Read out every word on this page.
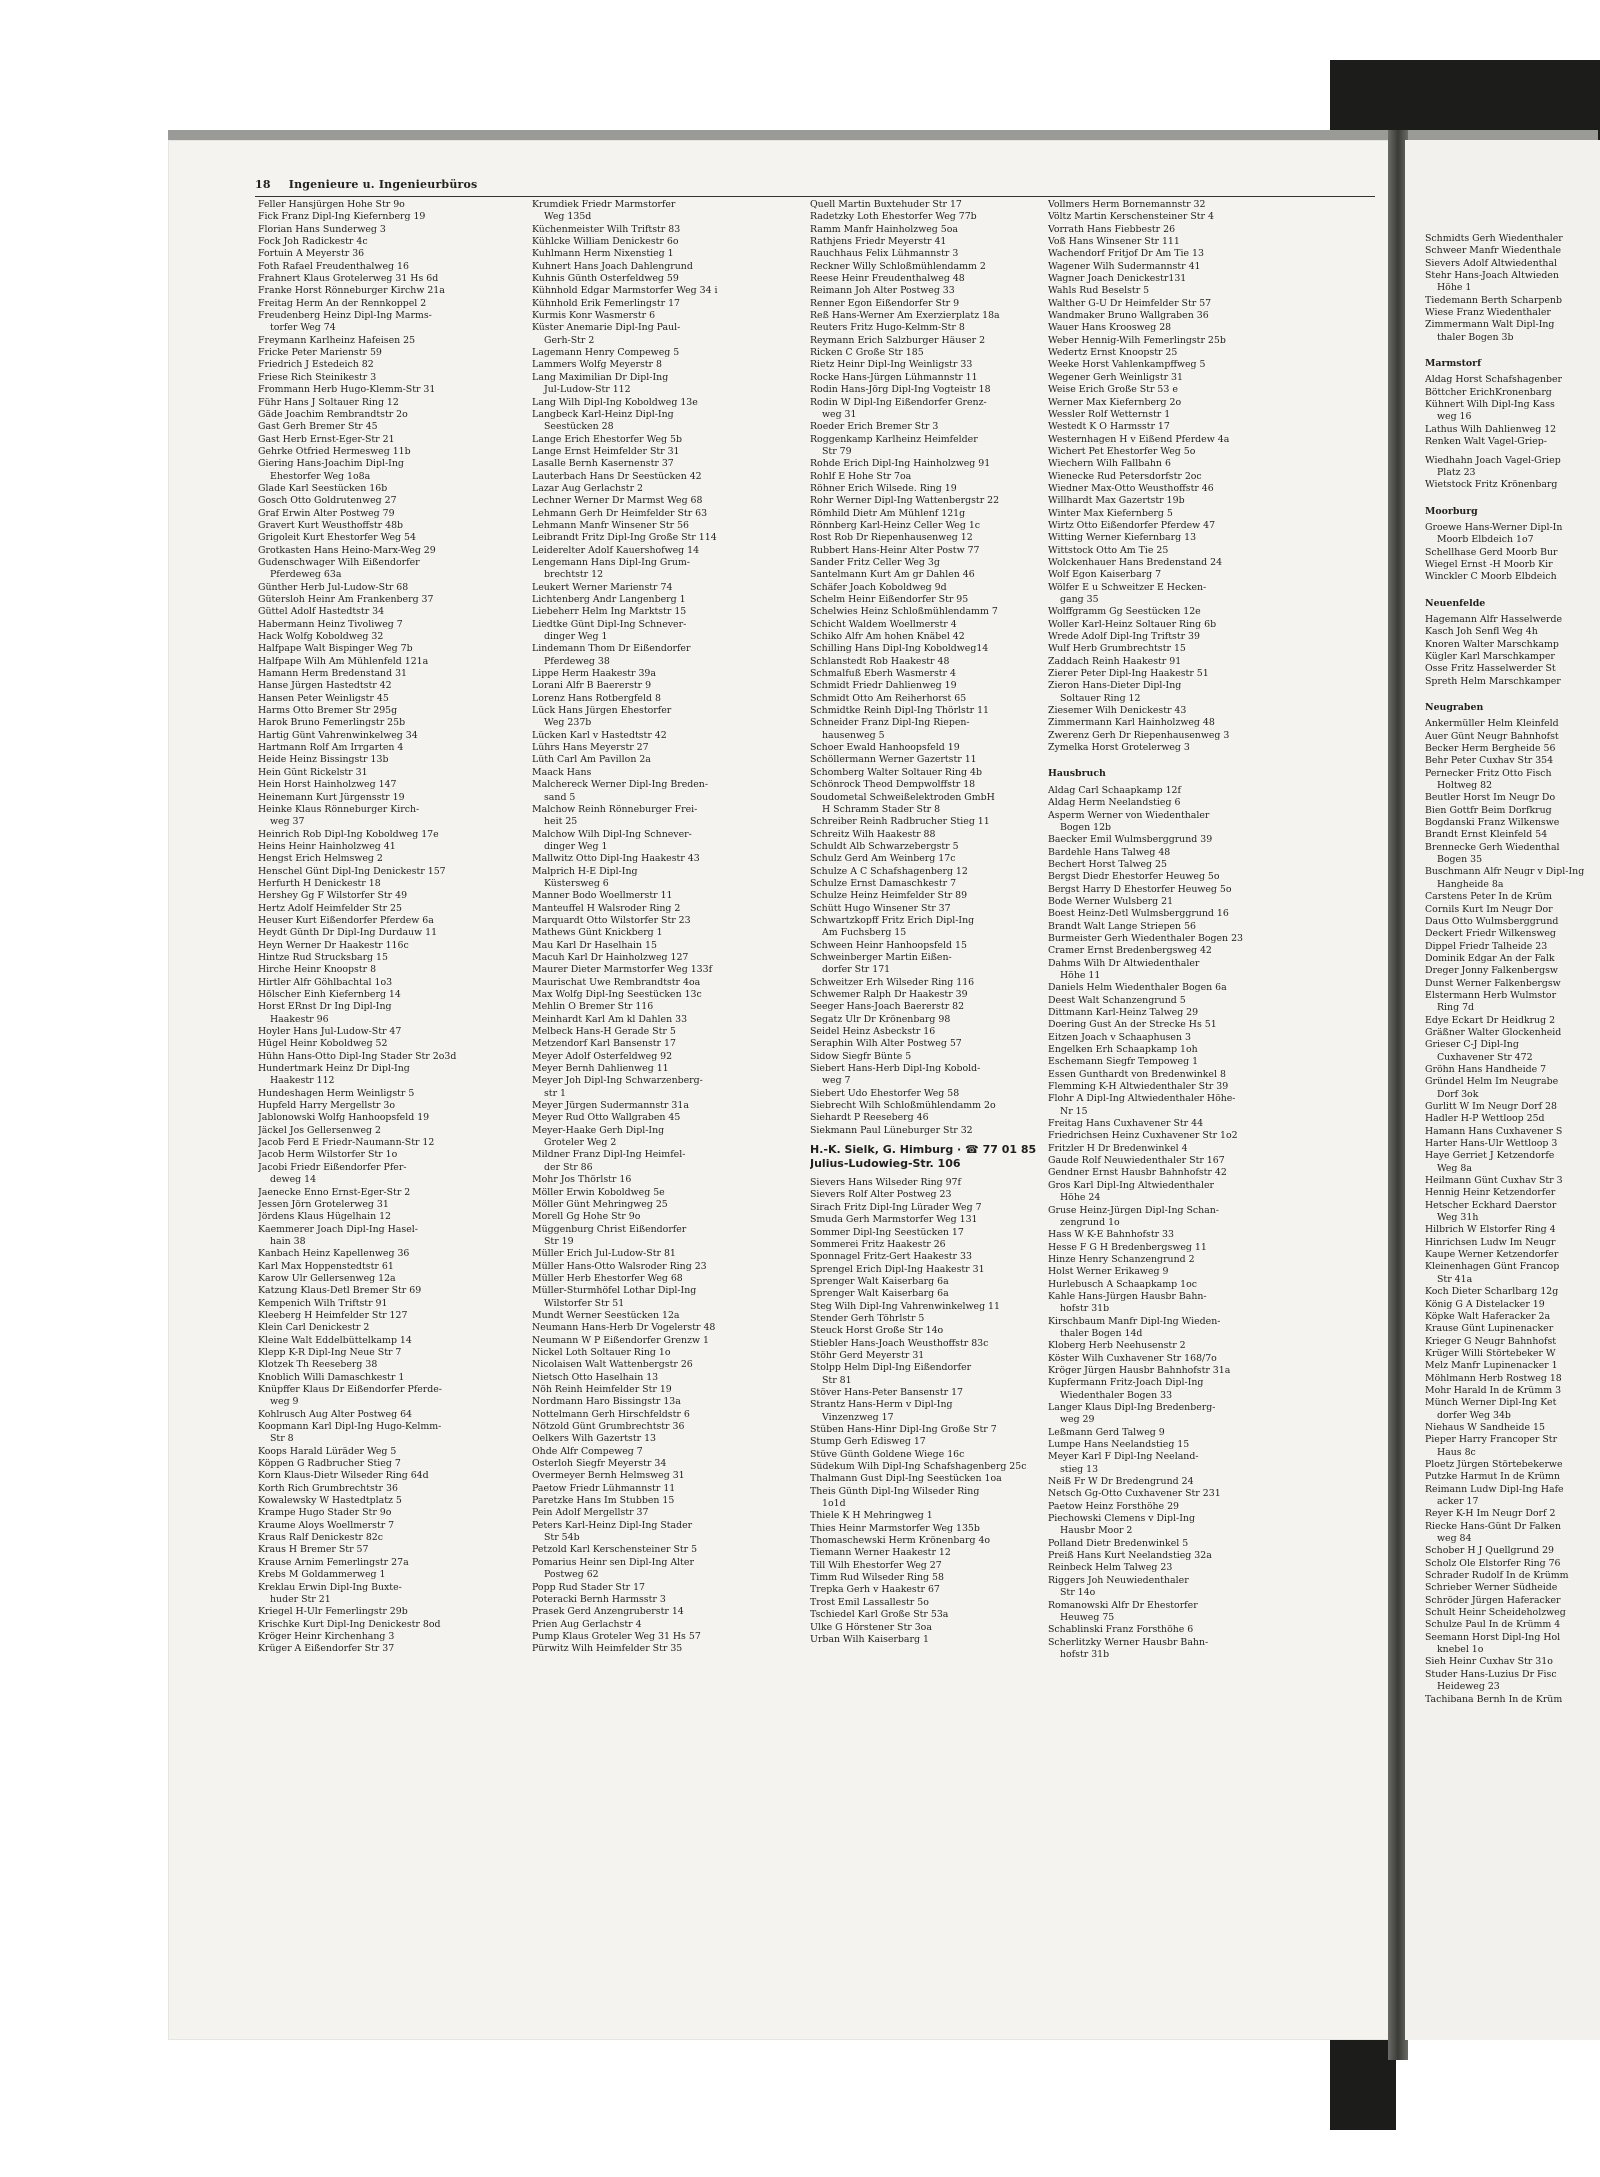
18 Ingenieure u. Ingenieurbüros
Feller Hansjürgen Hohe Str 9o
Fick Franz Dipl-Ing Kiefernberg 19
Florian Hans Sunderweg 3
Fock Joh Radickestr 4c
Fortuin A Meyerstr 36
Foth Rafael Freudenthalweg 16
Frahnert Klaus Grotelerweg 31 Hs 6d
Franke Horst Rönneburger Kirchw 21a
Freitag Herm An der Rennkoppel 2
Freudenberg Heinz Dipl-Ing Marms-
torfer Weg 74
Freymann Karlheinz Hafeisen 25
Fricke Peter Marienstr 59
Friedrich J Estedeich 82
Friese Rich Steinikestr 3
Frommann Herb Hugo-Klemm-Str 31
Führ Hans J Soltauer Ring 12
Gäde Joachim Rembrandtstr 2o
Gast Gerh Bremer Str 45
Gast Herb Ernst-Eger-Str 21
Gehrke Otfried Hermesweg 11b
Giering Hans-Joachim Dipl-Ing
Ehestorfer Weg 1o8a
Glade Karl Seestücken 16b
Gosch Otto Goldrutenweg 27
Graf Erwin Alter Postweg 79
Gravert Kurt Weusthoffstr 48b
Grigoleit Kurt Ehestorfer Weg 54
Grotkasten Hans Heino-Marx-Weg 29
Gudenschwager Wilh Eißendorfer
Pferdeweg 63a
Günther Herb Jul-Ludow-Str 68
Gütersloh Heinr Am Frankenberg 37
Güttel Adolf Hastedtstr 34
Habermann Heinz Tivoliweg 7
Hack Wolfg Koboldweg 32
Halfpape Walt Bispinger Weg 7b
Halfpape Wilh Am Mühlenfeld 121a
Hamann Herm Bredenstand 31
Hanse Jürgen Hastedtstr 42
Hansen Peter Weinligstr 45
Harms Otto Bremer Str 295g
Harok Bruno Femerlingstr 25b
Hartig Günt Vahrenwinkelweg 34
Hartmann Rolf Am Irrgarten 4
Heide Heinz Bissingstr 13b
Hein Günt Rickelstr 31
Hein Horst Hainholzweg 147
Heinemann Kurt Jürgensstr 19
Heinke Klaus Rönneburger Kirch-
weg 37
Heinrich Rob Dipl-Ing Koboldweg 17e
Heins Heinr Hainholzweg 41
Hengst Erich Helmsweg 2
Henschel Günt Dipl-Ing Denickestr 157
Herfurth H Denickestr 18
Hershey Gg F Wilstorfer Str 49
Hertz Adolf Heimfelder Str 25
Heuser Kurt Eißendorfer Pferdew 6a
Heydt Günth Dr Dipl-Ing Durdauw 11
Heyn Werner Dr Haakestr 116c
Hintze Rud Strucksbarg 15
Hirche Heinr Knoopstr 8
Hirtler Alfr Göhlbachtal 1o3
Hölscher Einh Kiefernberg 14
Horst ERnst Dr Ing Dipl-Ing
Haakestr 96
Hoyler Hans Jul-Ludow-Str 47
Hügel Heinr Koboldweg 52
Hühn Hans-Otto Dipl-Ing Stader Str 2o3d
Hundertmark Heinz Dr Dipl-Ing
Haakestr 112
Hundeshagen Herm Weinligstr 5
Hupfeld Harry Mergellstr 3o
Jablonowski Wolfg Hanhoopsfeld 19
Jäckel Jos Gellersenweg 2
Jacob Ferd E Friedr-Naumann-Str 12
Jacob Herm Wilstorfer Str 1o
Jacobi Friedr Eißendorfer Pfer-
deweg 14
Jaenecke Enno Ernst-Eger-Str 2
Jessen Jörn Grotelerweg 31
Jördens Klaus Hügelhain 12
Kaemmerer Joach Dipl-Ing Hasel-
hain 38
Kanbach Heinz Kapellenweg 36
Karl Max Hoppenstedtstr 61
Karow Ulr Gellersenweg 12a
Katzung Klaus-Detl Bremer Str 69
Kempenich Wilh Triftstr 91
Kleeberg H Heimfelder Str 127
Klein Carl Denickestr 2
Kleine Walt Eddelbüttelkamp 14
Klepp K-R Dipl-Ing Neue Str 7
Klotzek Th Reeseberg 38
Knoblich Willi Damaschkestr 1
Knüpffer Klaus Dr Eißendorfer Pferde-
weg 9
Kohlrusch Aug Alter Postweg 64
Koopmann Karl Dipl-Ing Hugo-Kelmm-
Str 8
Koops Harald Lüräder Weg 5
Köppen G Radbrucher Stieg 7
Korn Klaus-Dietr Wilseder Ring 64d
Korth Rich Grumbrechtstr 36
Kowalewsky W Hastedtplatz 5
Krampe Hugo Stader Str 9o
Kraume Aloys Woellmerstr 7
Kraus Ralf Denickestr 82c
Kraus H Bremer Str 57
Krause Arnim Femerlingstr 27a
Krebs M Goldammerweg 1
Kreklau Erwin Dipl-Ing Buxte-
huder Str 21
Kriegel H-Ulr Femerlingstr 29b
Krischke Kurt Dipl-Ing Denickestr 8od
Kröger Heinr Kirchenhang 3
Krüger A Eißendorfer Str 37
Krumdiek Friedr Marmstorfer
Weg 135d
Küchenmeister Wilh Triftstr 83
Kühlcke William Denickestr 6o
Kuhlmann Herm Nixenstieg 1
Kuhnert Hans Joach Dahlengrund
Kuhnis Günth Osterfeldweg 59
Kühnhold Edgar Marmstorfer Weg 34 i
Kühnhold Erik Femerlingstr 17
Kurmis Konr Wasmerstr 6
Küster Anemarie Dipl-Ing Paul-
Gerh-Str 2
Lagemann Henry Compeweg 5
Lammers Wolfg Meyerstr 8
Lang Maximilian Dr Dipl-Ing
Jul-Ludow-Str 112
Lang Wilh Dipl-Ing Koboldweg 13e
Langbeck Karl-Heinz Dipl-Ing
Seestücken 28
Lange Erich Ehestorfer Weg 5b
Lange Ernst Heimfelder Str 31
Lasalle Bernh Kasernenstr 37
Lauterbach Hans Dr Seestücken 42
Lazar Aug Gerlachstr 2
Lechner Werner Dr Marmst Weg 68
Lehmann Gerh Dr Heimfelder Str 63
Lehmann Manfr Winsener Str 56
Leibrandt Fritz Dipl-Ing Große Str 114
Leiderelter Adolf Kauershofweg 14
Lengemann Hans Dipl-Ing Grum-
brechtstr 12
Leukert Werner Marienstr 74
Lichtenberg Andr Langenberg 1
Liebeherr Helm Ing Marktstr 15
Liedtke Günt Dipl-Ing Schnever-
dinger Weg 1
Lindemann Thom Dr Eißendorfer
Pferdeweg 38
Lippe Herm Haakestr 39a
Lorani Alfr B Baererstr 9
Lorenz Hans Rotbergfeld 8
Lück Hans Jürgen Ehestorfer
Weg 237b
Lücken Karl v Hastedtstr 42
Lührs Hans Meyerstr 27
Lüth Carl Am Pavillon 2a
Maack Hans
Malchereck Werner Dipl-Ing Breden-
sand 5
Malchow Reinh Rönneburger Frei-
heit 25
Malchow Wilh Dipl-Ing Schnever-
dinger Weg 1
Mallwitz Otto Dipl-Ing Haakestr 43
Malprich H-E Dipl-Ing
Küstersweg 6
Manner Bodo Woellmerstr 11
Manteuffel H Walsroder Ring 2
Marquardt Otto Wilstorfer Str 23
Mathews Günt Knickberg 1
Mau Karl Dr Haselhain 15
Macuh Karl Dr Hainholzweg 127
Maurer Dieter Marmstorfer Weg 133f
Maurischat Uwe Rembrandtstr 4oa
Max Wolfg Dipl-Ing Seestücken 13c
Mehlin O Bremer Str 116
Meinhardt Karl Am kl Dahlen 33
Melbeck Hans-H Gerade Str 5
Metzendorf Karl Bansenstr 17
Meyer Adolf Osterfeldweg 92
Meyer Bernh Dahlienweg 11
Meyer Joh Dipl-Ing Schwarzenberg-
str 1
Meyer Jürgen Sudermannstr 31a
Meyer Rud Otto Wallgraben 45
Meyer-Haake Gerh Dipl-Ing
Groteler Weg 2
Mildner Franz Dipl-Ing Heimfel-
der Str 86
Mohr Jos Thörlstr 16
Möller Erwin Koboldweg 5e
Möller Günt Mehringweg 25
Morell Gg Hohe Str 9o
Müggenburg Christ Eißendorfer
Str 19
Müller Erich Jul-Ludow-Str 81
Müller Hans-Otto Walsroder Ring 23
Müller Herb Ehestorfer Weg 68
Müller-Sturmhöfel Lothar Dipl-Ing
Wilstorfer Str 51
Mundt Werner Seestücken 12a
Neumann Hans-Herb Dr Vogelerstr 48
Neumann W P Eißendorfer Grenzw 1
Nickel Loth Soltauer Ring 1o
Nicolaisen Walt Wattenbergstr 26
Nietsch Otto Haselhain 13
Nöh Reinh Heimfelder Str 19
Nordmann Haro Bissingstr 13a
Nottelmann Gerh Hirschfeldstr 6
Nötzold Günt Grumbrechtstr 36
Oelkers Wilh Gazertstr 13
Ohde Alfr Compeweg 7
Osterloh Siegfr Meyerstr 34
Overmeyer Bernh Helmsweg 31
Paetow Friedr Lühmannstr 11
Paretzke Hans Im Stubben 15
Pein Adolf Mergellstr 37
Peters Karl-Heinz Dipl-Ing Stader
Str 54b
Petzold Karl Kerschensteiner Str 5
Pomarius Heinr sen Dipl-Ing Alter
Postweg 62
Popp Rud Stader Str 17
Poteracki Bernh Harmsstr 3
Prasek Gerd Anzengruberstr 14
Prien Aug Gerlachstr 4
Pump Klaus Groteler Weg 31 Hs 57
Pürwitz Wilh Heimfelder Str 35
Quell Martin Buxtehuder Str 17
Radetzky Loth Ehestorfer Weg 77b
Ramm Manfr Hainholzweg 5oa
Rathjens Friedr Meyerstr 41
Rauchhaus Felix Lühmannstr 3
Reckner Willy Schloßmühlendamm 2
Reese Heinr Freudenthalweg 48
Reimann Joh Alter Postweg 33
Renner Egon Eißendorfer Str 9
Reß Hans-Werner Am Exerzierplatz 18a
Reuters Fritz Hugo-Kelmm-Str 8
Reymann Erich Salzburger Häuser 2
Ricken C Große Str 185
Rietz Heinr Dipl-Ing Weinligstr 33
Rocke Hans-Jürgen Lühmannstr 11
Rodin Hans-Jörg Dipl-Ing Vogteistr 18
Rodin W Dipl-Ing Eißendorfer Grenz-
weg 31
Roeder Erich Bremer Str 3
Roggenkamp Karlheinz Heimfelder
Str 79
Rohde Erich Dipl-Ing Hainholzweg 91
Rohlf E Hohe Str 7oa
Röhner Erich Wilsede. Ring 19
Rohr Werner Dipl-Ing Wattenbergstr 22
Römhild Dietr Am Mühlenf 121g
Rönnberg Karl-Heinz Celler Weg 1c
Rost Rob Dr Riepenhausenweg 12
Rubbert Hans-Heinr Alter Postw 77
Sander Fritz Celler Weg 3g
Santelmann Kurt Am gr Dahlen 46
Schäfer Joach Koboldweg 9d
Schelm Heinr Eißendorfer Str 95
Schelwies Heinz Schloßmühlendamm 7
Schicht Waldem Woellmerstr 4
Schiko Alfr Am hohen Knäbel 42
Schilling Hans Dipl-Ing Koboldweg14
Schlanstedt Rob Haakestr 48
Schmalfuß Eberh Wasmerstr 4
Schmidt Friedr Dahlienweg 19
Schmidt Otto Am Reiherhorst 65
Schmidtke Reinh Dipl-Ing Thörlstr 11
Schneider Franz Dipl-Ing Riepen-
hausenweg 5
Schoer Ewald Hanhoopsfeld 19
Schöllermann Werner Gazertstr 11
Schomberg Walter Soltauer Ring 4b
Schönrock Theod Dempwolffstr 18
Soudometal Schweißelektroden GmbH
H Schramm Stader Str 8
Schreiber Reinh Radbrucher Stieg 11
Schreitz Wilh Haakestr 88
Schuldt Alb Schwarzebergstr 5
Schulz Gerd Am Weinberg 17c
Schulze A C Schafshagenberg 12
Schulze Ernst Damaschkestr 7
Schulze Heinz Heimfelder Str 89
Schütt Hugo Winsener Str 37
Schwartzkopff Fritz Erich Dipl-Ing
Am Fuchsberg 15
Schween Heinr Hanhoopsfeld 15
Schweinberger Martin Eißen-
dorfer Str 171
Schweitzer Erh Wilseder Ring 116
Schwemer Ralph Dr Haakestr 39
Seeger Hans-Joach Baererstr 82
Segatz Ulr Dr Krönenbarg 98
Seidel Heinz Asbeckstr 16
Seraphin Wilh Alter Postweg 57
Sidow Siegfr Bünte 5
Siebert Hans-Herb Dipl-Ing Kobold-
weg 7
Siebert Udo Ehestorfer Weg 58
Siebrecht Wilh Schloßmühlendamm 2o
Siehardt P Reeseberg 46
Siekmann Paul Lüneburger Str 32
H.-K. Sielk, G. Himburg · ☎ 77 01 85
Julius-Ludowieg-Str. 106
Sievers Hans Wilseder Ring 97f
Sievers Rolf Alter Postweg 23
Sirach Fritz Dipl-Ing Lürader Weg 7
Smuda Gerh Marmstorfer Weg 131
Sommer Dipl-Ing Seestücken 17
Sommerei Fritz Haakestr 26
Sponnagel Fritz-Gert Haakestr 33
Sprengel Erich Dipl-Ing Haakestr 31
Sprenger Walt Kaiserbarg 6a
Sprenger Walt Kaiserbarg 6a
Steg Wilh Dipl-Ing Vahrenwinkelweg 11
Stender Gerh Töhrlstr 5
Steuck Horst Große Str 14o
Stiebler Hans-Joach Weusthoffstr 83c
Stöhr Gerd Meyerstr 31
Stolpp Helm Dipl-Ing Eißendorfer
Str 81
Stöver Hans-Peter Bansenstr 17
Strantz Hans-Herm v Dipl-Ing
Vinzenzweg 17
Stüben Hans-Hinr Dipl-Ing Große Str 7
Stump Gerh Edisweg 17
Stüve Günth Goldene Wiege 16c
Südekum Wilh Dipl-Ing Schafshagenberg 25c
Thalmann Gust Dipl-Ing Seestücken 1oa
Theis Günth Dipl-Ing Wilseder Ring
1o1d
Thiele K H Mehringweg 1
Thies Heinr Marmstorfer Weg 135b
Thomaschewski Herm Krönenbarg 4o
Tiemann Werner Haakestr 12
Till Wilh Ehestorfer Weg 27
Timm Rud Wilseder Ring 58
Trepka Gerh v Haakestr 67
Trost Emil Lassallestr 5o
Tschiedel Karl Große Str 53a
Ulke G Hörstener Str 3oa
Urban Wilh Kaiserbarg 1
Vollmers Herm Bornemannstr 32
Völtz Martin Kerschensteiner Str 4
Vorrath Hans Fiebbestr 26
Voß Hans Winsener Str 111
Wachendorf Fritjof Dr Am Tie 13
Wagener Wilh Sudermannstr 41
Wagner Joach Denickestr131
Wahls Rud Beselstr 5
Walther G-U Dr Heimfelder Str 57
Wandmaker Bruno Wallgraben 36
Wauer Hans Kroosweg 28
Weber Hennig-Wilh Femerlingstr 25b
Wedertz Ernst Knoopstr 25
Weeke Horst Vahlenkampffweg 5
Wegener Gerh Weinligstr 31
Weise Erich Große Str 53 e
Werner Max Kiefernberg 2o
Wessler Rolf Wetternstr 1
Westedt K O Harmsstr 17
Westernhagen H v Eißend Pferdew 4a
Wichert Pet Ehestorfer Weg 5o
Wiechern Wilh Fallbahn 6
Wienecke Rud Petersdorfstr 2oc
Wiedner Max-Otto Weusthoffstr 46
Willhardt Max Gazertstr 19b
Winter Max Kiefernberg 5
Wirtz Otto Eißendorfer Pferdew 47
Witting Werner Kiefernbarg 13
Wittstock Otto Am Tie 25
Wolckenhauer Hans Bredenstand 24
Wolf Egon Kaiserbarg 7
Wölfer E u Schweitzer E Hecken-
gang 35
Wolffgramm Gg Seestücken 12e
Woller Karl-Heinz Soltauer Ring 6b
Wrede Adolf Dipl-Ing Triftstr 39
Wulf Herb Grumbrechtstr 15
Zaddach Reinh Haakestr 91
Zierer Peter Dipl-Ing Haakestr 51
Zieron Hans-Dieter Dipl-Ing
Soltauer Ring 12
Ziesemer Wilh Denickestr 43
Zimmermann Karl Hainholzweg 48
Zwerenz Gerh Dr Riepenhausenweg 3
Zymelka Horst Grotelerweg 3
Hausbruch
Aldag Carl Schaapkamp 12f
Aldag Herm Neelandstieg 6
Asperm Werner von Wiedenthaler
Bogen 12b
Baecker Emil Wulmsberggrund 39
Bardehle Hans Talweg 48
Bechert Horst Talweg 25
Bergst Diedr Ehestorfer Heuweg 5o
Bergst Harry D Ehestorfer Heuweg 5o
Bode Werner Wulsberg 21
Boest Heinz-Detl Wulmsberggrund 16
Brandt Walt Lange Striepen 56
Burmeister Gerh Wiedenthaler Bogen 23
Cramer Ernst Bredenbergsweg 42
Dahms Wilh Dr Altwiedenthaler
Höhe 11
Daniels Helm Wiedenthaler Bogen 6a
Deest Walt Schanzengrund 5
Dittmann Karl-Heinz Talweg 29
Doering Gust An der Strecke Hs 51
Eitzen Joach v Schaaphusen 3
Engelken Erh Schaapkamp 1oh
Eschemann Siegfr Tempoweg 1
Essen Gunthardt von Bredenwinkel 8
Flemming K-H Altwiedenthaler Str 39
Flohr A Dipl-Ing Altwiedenthaler Höhe-
Nr 15
Freitag Hans Cuxhavener Str 44
Friedrichsen Heinz Cuxhavener Str 1o2
Fritzler H Dr Bredenwinkel 4
Gaude Rolf Neuwiedenthaler Str 167
Gendner Ernst Hausbr Bahnhofstr 42
Gros Karl Dipl-Ing Altwiedenthaler
Höhe 24
Gruse Heinz-Jürgen Dipl-Ing Schan-
zengrund 1o
Hass W K-E Bahnhofstr 33
Hesse F G H Bredenbergsweg 11
Hinze Henry Schanzengrund 2
Holst Werner Erikaweg 9
Hurlebusch A Schaapkamp 1oc
Kahle Hans-Jürgen Hausbr Bahn-
hofstr 31b
Kirschbaum Manfr Dipl-Ing Wieden-
thaler Bogen 14d
Kloberg Herb Neehusenstr 2
Köster Wilh Cuxhavener Str 168/7o
Kröger Jürgen Hausbr Bahnhofstr 31a
Kupfermann Fritz-Joach Dipl-Ing
Wiedenthaler Bogen 33
Langer Klaus Dipl-Ing Bredenberg-
weg 29
Leßmann Gerd Talweg 9
Lumpe Hans Neelandstieg 15
Meyer Karl F Dipl-Ing Neeland-
stieg 13
Neiß Fr W Dr Bredengrund 24
Netsch Gg-Otto Cuxhavener Str 231
Paetow Heinz Forsthöhe 29
Piechowski Clemens v Dipl-Ing
Hausbr Moor 2
Polland Dietr Bredenwinkel 5
Preiß Hans Kurt Neelandstieg 32a
Reinbeck Helm Talweg 23
Riggers Joh Neuwiedenthaler
Str 14o
Romanowski Alfr Dr Ehestorfer
Heuweg 75
Schablinski Franz Forsthöhe 6
Scherlitzky Werner Hausbr Bahn-
hofstr 31b
Schmidts Gerh Wiedenthaler
Schweer Manfr Wiedenthale
Sievers Adolf Altwiedenthal
Stehr Hans-Joach Altwieden
Höhe 1
Tiedemann Berth Scharpenb
Wiese Franz Wiedenthaler
Zimmermann Walt Dipl-Ing
thaler Bogen 3b
Marmstorf
Aldag Horst Schafshagenber
Böttcher ErichKronenbarg
Kühnert Wilh Dipl-Ing Kass
weg 16
Lathus Wilh Dahlienweg 12
Renken Walt Vagel-Griep-
Wiedhahn Joach Vagel-Griep
Platz 23
Wietstock Fritz Krönenbarg
Moorburg
Groewe Hans-Werner Dipl-In
Moorb Elbdeich 1o7
Schellhase Gerd Moorb Bur
Wiegel Ernst -H Moorb Kir
Winckler C Moorb Elbdeich
Neuenfelde
Hagemann Alfr Hasselwerde
Kasch Joh Senfl Weg 4h
Knoren Walter Marschkamp
Kügler Karl Marschkamper
Osse Fritz Hasselwerder St
Spreth Helm Marschkamper
Neugraben
Ankermüller Helm Kleinfeld
Auer Günt Neugr Bahnhofst
Becker Herm Bergheide 56
Behr Peter Cuxhav Str 354
Pernecker Fritz Otto Fisch
Holtweg 82
Beutler Horst Im Neugr Do
Bien Gottfr Beim Dorfkrug
Bogdanski Franz Wilkenswe
Brandt Ernst Kleinfeld 54
Brennecke Gerh Wiedenthal
Bogen 35
Buschmann Alfr Neugr v Dipl-Ing
Hangheide 8a
Carstens Peter In de Krüm
Cornils Kurt Im Neugr Dor
Daus Otto Wulmsberggrund
Deckert Friedr Wilkensweg
Dippel Friedr Talheide 23
Dominik Edgar An der Falk
Dreger Jonny Falkenbergsw
Dunst Werner Falkenbergsw
Elstermann Herb Wulmstor
Ring 7d
Edye Eckart Dr Heidkrug 2
Gräßner Walter Glockenheid
Grieser C-J Dipl-Ing
Cuxhavener Str 472
Gröhn Hans Handheide 7
Gründel Helm Im Neugrabe
Dorf 3ok
Gurlitt W Im Neugr Dorf 28
Hadler H-P Wettloop 25d
Hamann Hans Cuxhavener S
Harter Hans-Ulr Wettloop 3
Haye Gerriet J Ketzendorfe
Weg 8a
Heilmann Günt Cuxhav Str 3
Hennig Heinr Ketzendorfer
Hetscher Eckhard Daerstor
Weg 31h
Hilbrich W Elstorfer Ring 4
Hinrichsen Ludw Im Neugr
Kaupe Werner Ketzendorfer
Kleinenhagen Günt Francop
Str 41a
Koch Dieter Scharlbarg 12g
König G A Distelacker 19
Köpke Walt Haferacker 2a
Krause Günt Lupinenacker
Krieger G Neugr Bahnhofst
Krüger Willi Störtebeker W
Melz Manfr Lupinenacker 1
Möhlmann Herb Rostweg 18
Mohr Harald In de Krümm 3
Münch Werner Dipl-Ing Ket
dorfer Weg 34b
Niehaus W Sandheide 15
Pieper Harry Francoper Str
Haus 8c
Ploetz Jürgen Störtebekerwe
Putzke Harmut In de Krümn
Reimann Ludw Dipl-Ing Hafe
acker 17
Reyer K-H Im Neugr Dorf 2
Riecke Hans-Günt Dr Falken
weg 84
Schober H J Quellgrund 29
Scholz Ole Elstorfer Ring 76
Schrader Rudolf In de Krümm
Schrieber Werner Südheide
Schröder Jürgen Haferacker
Schult Heinr Scheideholzweg
Schulze Paul In de Krümm 4
Seemann Horst Dipl-Ing Hol
knebel 1o
Sieh Heinr Cuxhav Str 31o
Studer Hans-Luzius Dr Fisc
Heideweg 23
Tachibana Bernh In de Krüm
